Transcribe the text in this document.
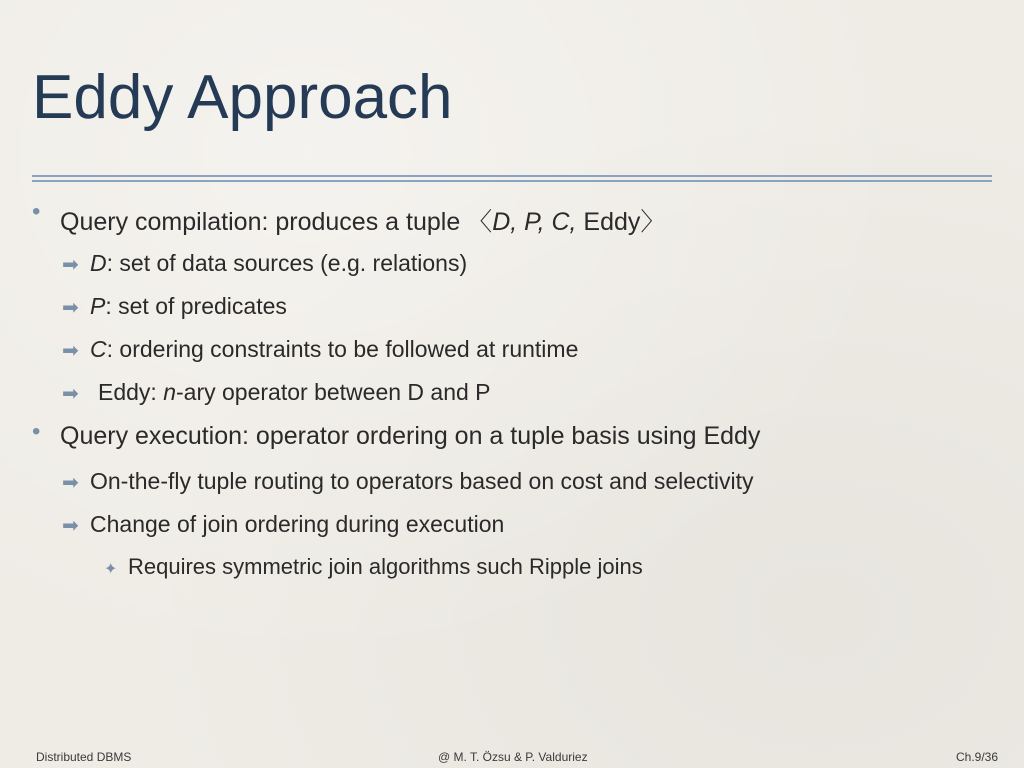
Eddy Approach
• Query compilation: produces a tuple 〈D, P, C, Eddy〉
➡ D: set of data sources (e.g. relations)
➡ P: set of predicates
➡ C: ordering constraints to be followed at runtime
➡ Eddy: n-ary operator between D and P
• Query execution: operator ordering on a tuple basis using Eddy
➡ On-the-fly tuple routing to operators based on cost and selectivity
➡ Change of join ordering during execution
✦ Requires symmetric join algorithms such Ripple joins
Distributed DBMS	@ M. T. Özsu & P. Valduriez	Ch.9/36
